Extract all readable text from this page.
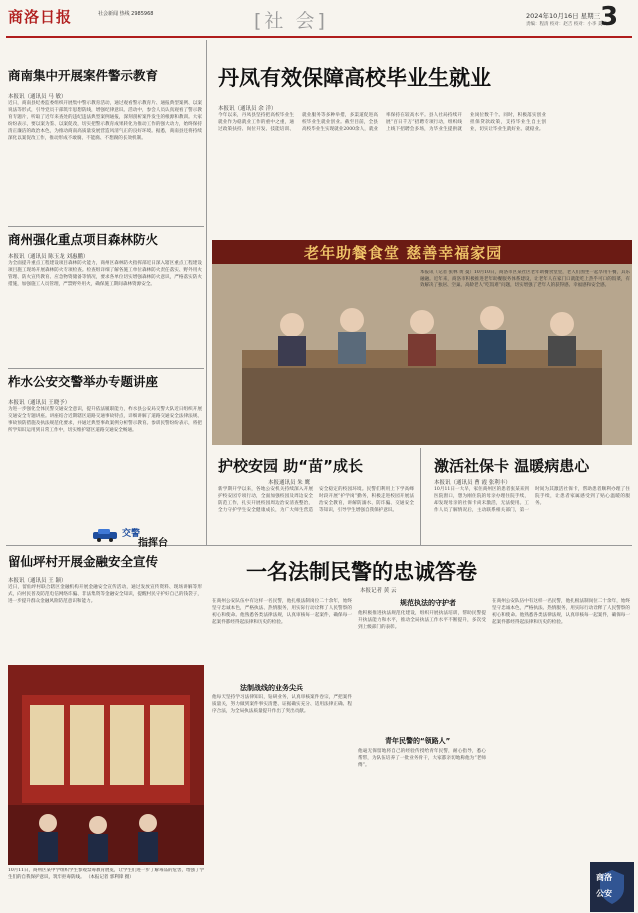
商洛日报	社会新闻 热线 2985968	[社 会]	2024年10月16日 星期三
责编：程清 校对：赵吉 校对：小李 美编
3
商南集中开展案件警示教育
本报讯（通讯员 马 敏）
近日，商南县纪委监委组织开展集中警示教育活动，通过观看警示教育片、通报典型案例、以案说法等形式，引导党员干部筑牢思想防线，增强纪律意识。活动中，参会人员认真观看了警示教育专题片，听取了近年来查处的违纪违法典型案例通报，深刻剖析案件发生的根源和教训。大家纷纷表示，要以案为鉴、以案促改，切实把警示教育成果转化为推动工作的强大动力，始终保持清正廉洁的政治本色，为推动商南高质量发展营造风清气正的良好环境。据悉，商南县还将持续深化以案促改工作，推动形成不敢腐、不能腐、不想腐的长效机制。
商州强化重点项目森林防火
本报讯（通讯员 陈玉龙 刘惠鹏）
为全面提升重点工程建设项目森林防火能力，商州区森林防火指挥部近日深入辖区重点工程建设项目施工现场开展森林防火专项检查。检查组详细了解各施工单位森林防火责任落实、野外用火管理、防火宣传教育、应急物资储备等情况，要求各单位切实增强森林防火意识，严格落实防火措施，加强施工人员管理，严禁野外用火，确保施工期间森林资源安全。
柞水公安交警举办专题讲座
本报讯（通讯员 王晓予）
为进一步强化全体民警交通安全意识，提升依法履职能力，柞水县公安局交警大队近日组织开展交通安全专题讲座。讲座结合近期辖区道路交通事故特点，详细讲解了道路交通安全法律法规、事故预防措施及执法规范化要求，并通过典型事故案例分析警示教育。参训民警纷纷表示，将把所学知识运用到日常工作中，切实维护辖区道路交通安全畅通。
交警
指挥台
丹凤有效保障高校毕业生就业
本报讯（通讯员 余 洋）
今年以来，丹凤县坚持把高校毕业生就业作为稳就业工作的重中之重，通过政策扶持、岗位开发、技能培训、就业服务等多种举措，多渠道促进高校毕业生就业创业。截至目前，全县高校毕业生实现就业2000余人，就业率保持在较高水平。县人社局持续开展“百日千万”招聘专项行动，组织线上线下招聘会多场，为毕业生提供就业岗位数千个。同时，积极落实创业担保贷款政策，支持毕业生自主创业，切实让毕业生就好业、就稳业。
老年助餐食堂 慈善幸福家园
本报讯（记者 张林 黄 曼）10月10日，商洛市区某社区老年助餐食堂里，老人们围坐一起享用午餐，其乐融融。近年来，商洛市积极推进老年助餐服务体系建设，让老年人在家门口就能吃上热乎可口的饭菜，有效解决了独居、空巢、高龄老人“吃饭难”问题，切实增强了老年人的获得感、幸福感和安全感。
护校安园 助“苗”成长
本报通讯员 朱 鹰
新学期开学以来，各地公安机关持续深入开展护校安园专项行动，全面加强校园及周边安全防范工作，扎实开展校园周边治安清查整治，全力守护学生安全健康成长，为广大师生营造安全稳定的校园环境。民警们利用上下学高峰时段开展“护学岗”勤务，积极走进校园开展法治安全教育，讲解防溺水、防诈骗、交通安全等知识，引导学生增强自我保护意识。
激活社保卡 温暖病患心
本报讯（通讯员 曹 霞 张利丰）
10月11日一大早，家住商州区的患者张某来到医院窗口，想为刚住院的母亲办理住院手续，却发现母亲的社保卡尚未激活，无法使用。工作人员了解情况后，主动联系相关部门，第一时间为其激活社保卡，帮助患者顺利办理了住院手续，让患者家属感受到了贴心温暖的服务。
留仙坪村开展金融安全宣传
本报讯（通讯员 王 颖）
近日，留仙坪村联合辖区金融机构开展金融安全宣传活动，通过发放宣传资料、现场讲解等形式，向村民普及防范电信网络诈骗、非法集资等金融安全知识，提醒村民守护好自己的钱袋子，进一步提升群众金融风险防范意识和能力。
10月11日，商州区某中学组织学生参观禁毒教育展览，让学生们进一步了解毒品的危害，增强了学生们的自我保护意识，筑牢拒毒防线。 （本报记者 郭利锋 摄）
一名法制民警的忠诚答卷
本报记者 黄 云
在商州公安队伍中有这样一名民警，他扎根法制岗位二十余年，始终坚守忠诚本色，严格执法、热情服务，用实际行动诠释了人民警察的初心和使命。他熟悉各类法律法规，认真审核每一起案件，确保每一起案件都经得起法律和历史的检验。
法制战线的业务尖兵
他每天坚持学习法律知识，钻研业务，认真审核案件卷宗，严把案件质量关，努力做到案件事实清楚、证据确实充分、适用法律正确、程序合法，为全局执法质量提升作出了突出贡献。
规范执法的守护者
他积极推进执法规范化建设，组织开展执法培训，帮助民警提升执法能力和水平，推动全局执法工作水平不断提升，多次受到上级部门的表彰。
青年民警的“领路人”
他毫无保留地将自己的经验传授给青年民警，耐心指导，悉心帮带，为队伍培养了一批业务骨干，大家都亲切地称他为“老师傅”。
在商州公安队伍中有这样一名民警，他扎根法制岗位二十余年，始终坚守忠诚本色，严格执法、热情服务，用实际行动诠释了人民警察的初心和使命。他熟悉各类法律法规，认真审核每一起案件，确保每一起案件都经得起法律和历史的检验。
商洛
公安
